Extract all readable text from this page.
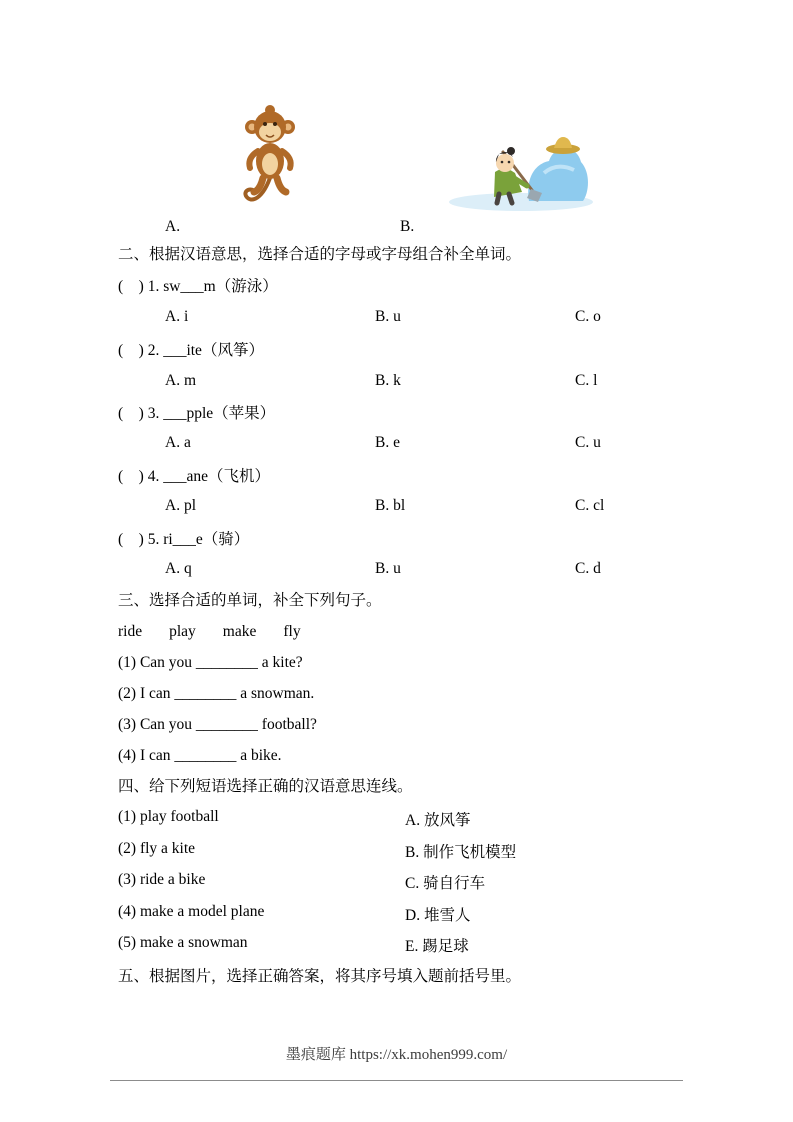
A.	B.
二、根据汉语意思，选择合适的字母或字母组合补全单词。
(　) 1. sw___m（游泳）
A. i	B. u	C. o
(　) 2. ___ite（风筝）
A. m	B. k	C. l
(　) 3. ___pple（苹果）
A. a	B. e	C. u
(　) 4. ___ane（飞机）
A. pl	B. bl	C. cl
(　) 5. ri___e（骑）
A. q	B. u	C. d
三、选择合适的单词，补全下列句子。
ride play make fly
(1) Can you ________ a kite?
(2) I can ________ a snowman.
(3) Can you ________ football?
(4) I can ________ a bike.
四、给下列短语选择正确的汉语意思连线。
(1) play football	A. 放风筝
(2) fly a kite	B. 制作飞机模型
(3) ride a bike	C. 骑自行车
(4) make a model plane	D. 堆雪人
(5) make a snowman	E. 踢足球
五、根据图片，选择正确答案，将其序号填入题前括号里。
墨痕题库 https://xk.mohen999.com/
